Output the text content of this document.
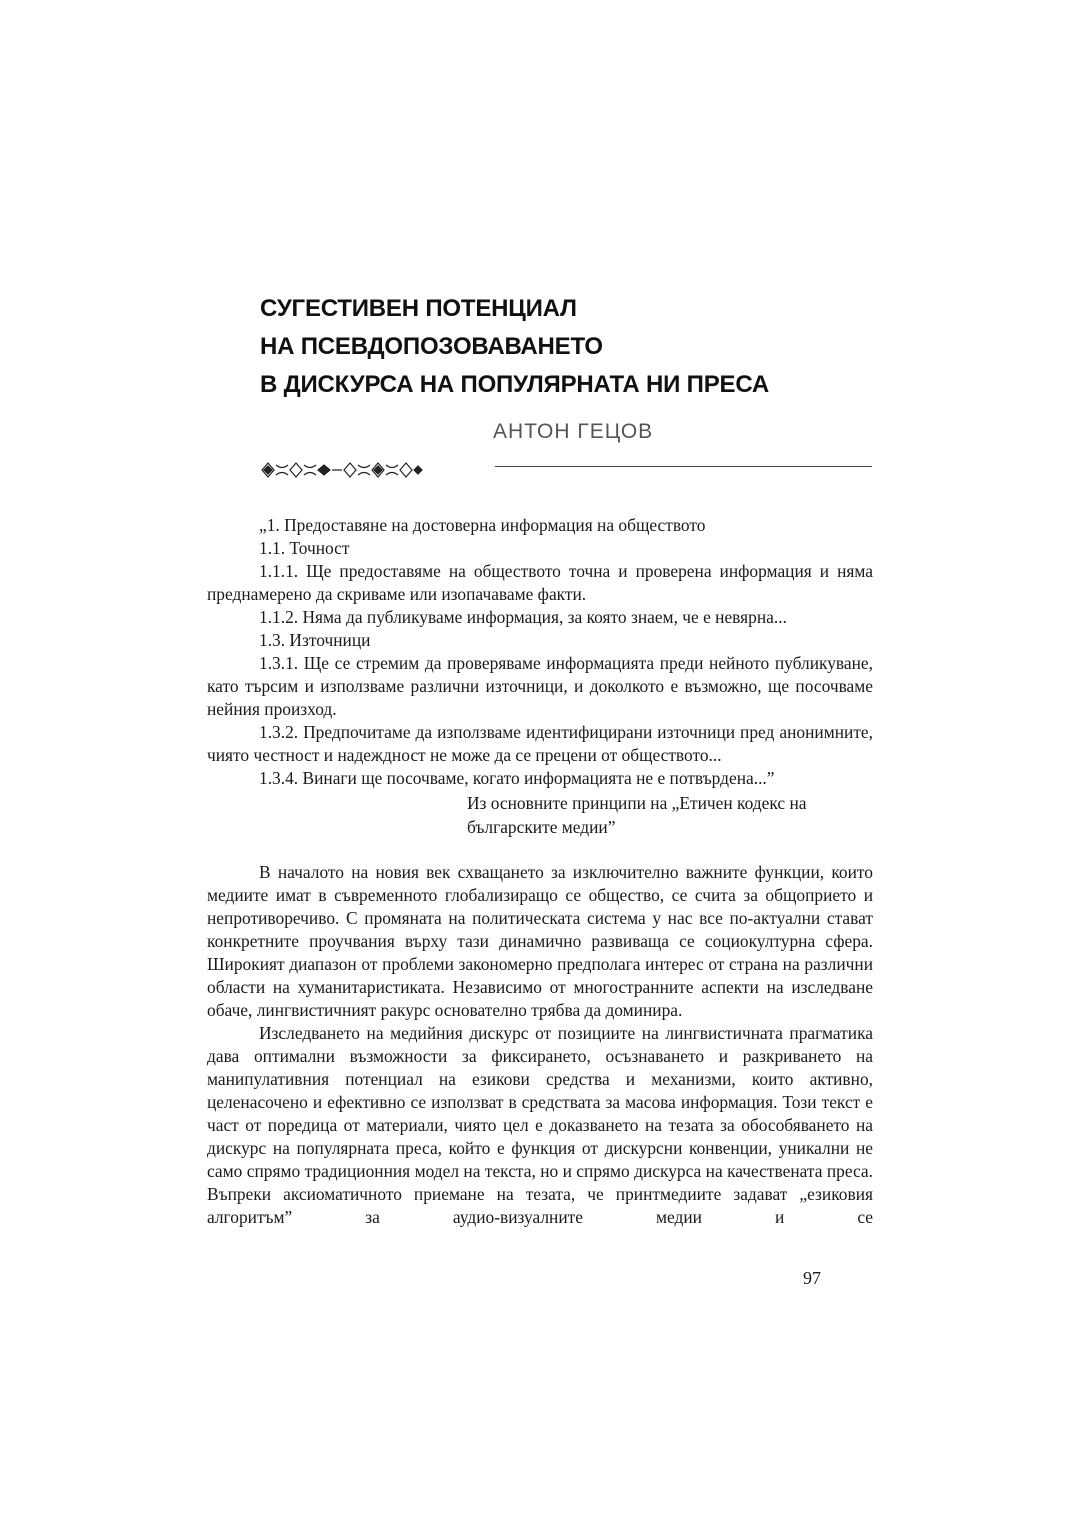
СУГЕСТИВЕН ПОТЕНЦИАЛ
НА ПСЕВДОПОЗОВАВАНЕТО
В ДИСКУРСА НА ПОПУЛЯРНАТА НИ ПРЕСА
АНТОН ГЕЦОВ

„1. Предоставяне на достоверна информация на обществото

1.1. Точност

1.1.1. Ще предоставяме на обществото точна и проверена информация и няма преднамерено да скриваме или изопачаваме факти.

1.1.2. Няма да публикуваме информация, за която знаем, че е невярна...

1.3. Източници

1.3.1. Ще се стремим да проверяваме информацията преди нейното публикуване, като търсим и използваме различни източници, и доколкото е възможно, ще посочваме нейния произход.

1.3.2. Предпочитаме да използваме идентифицирани източници пред анонимните, чиято честност и надеждност не може да се прецени от обществото...

1.3.4. Винаги ще посочваме, когато информацията не е потвърдена...”

Из основните принципи на „Етичен кодекс на
българските медии”

В началото на новия век схващането за изключително важните функции, които медиите имат в съвременното глобализиращо се общество, се счита за общоприето и непротиворечиво. С промяната на политическата система у нас все по-актуални стават конкретните проучвания върху тази динамично развиваща се социокултурна сфера. Широкият диапазон от проблеми закономерно предполага интерес от страна на различни области на хуманитаристиката. Независимо от многостранните аспекти на изследване обаче, лингвистичният ракурс основателно трябва да доминира.

Изследването на медийния дискурс от позициите на лингвистичната прагматика дава оптимални възможности за фиксирането, осъзнаването и разкриването на манипулативния потенциал на езикови средства и механизми, които активно, целенасочено и ефективно се използват в средствата за масова информация. Този текст е част от поредица от материали, чиято цел е доказването на тезата за обособяването на дискурс на популярната преса, който е функция от дискурсни конвенции, уникални не само спрямо традиционния модел на текста, но и спрямо дискурса на качествената преса. Въпреки аксиоматичното приемане на тезата, че принтмедиите задават „езиковия алгоритъм” за аудио-визуалните медии и се

97
